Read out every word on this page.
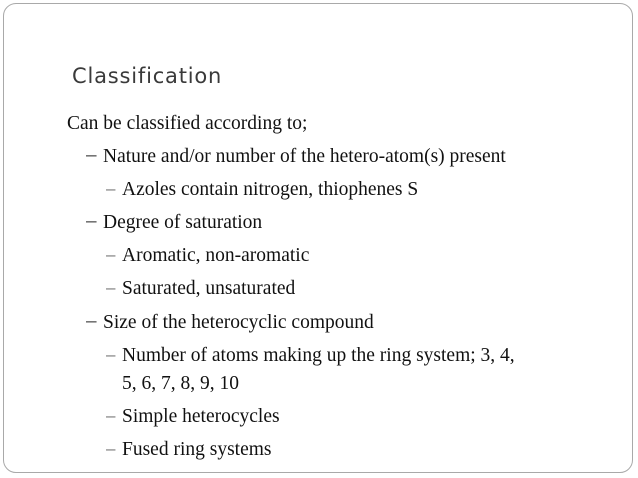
Classification
Can be classified according to;
– Nature and/or number of the hetero-atom(s) present
– Azoles contain nitrogen, thiophenes S
– Degree of saturation
– Aromatic, non-aromatic
– Saturated, unsaturated
– Size of the heterocyclic compound
– Number of atoms making up the ring system; 3, 4,
5, 6, 7, 8, 9, 10
– Simple heterocycles
– Fused ring systems
